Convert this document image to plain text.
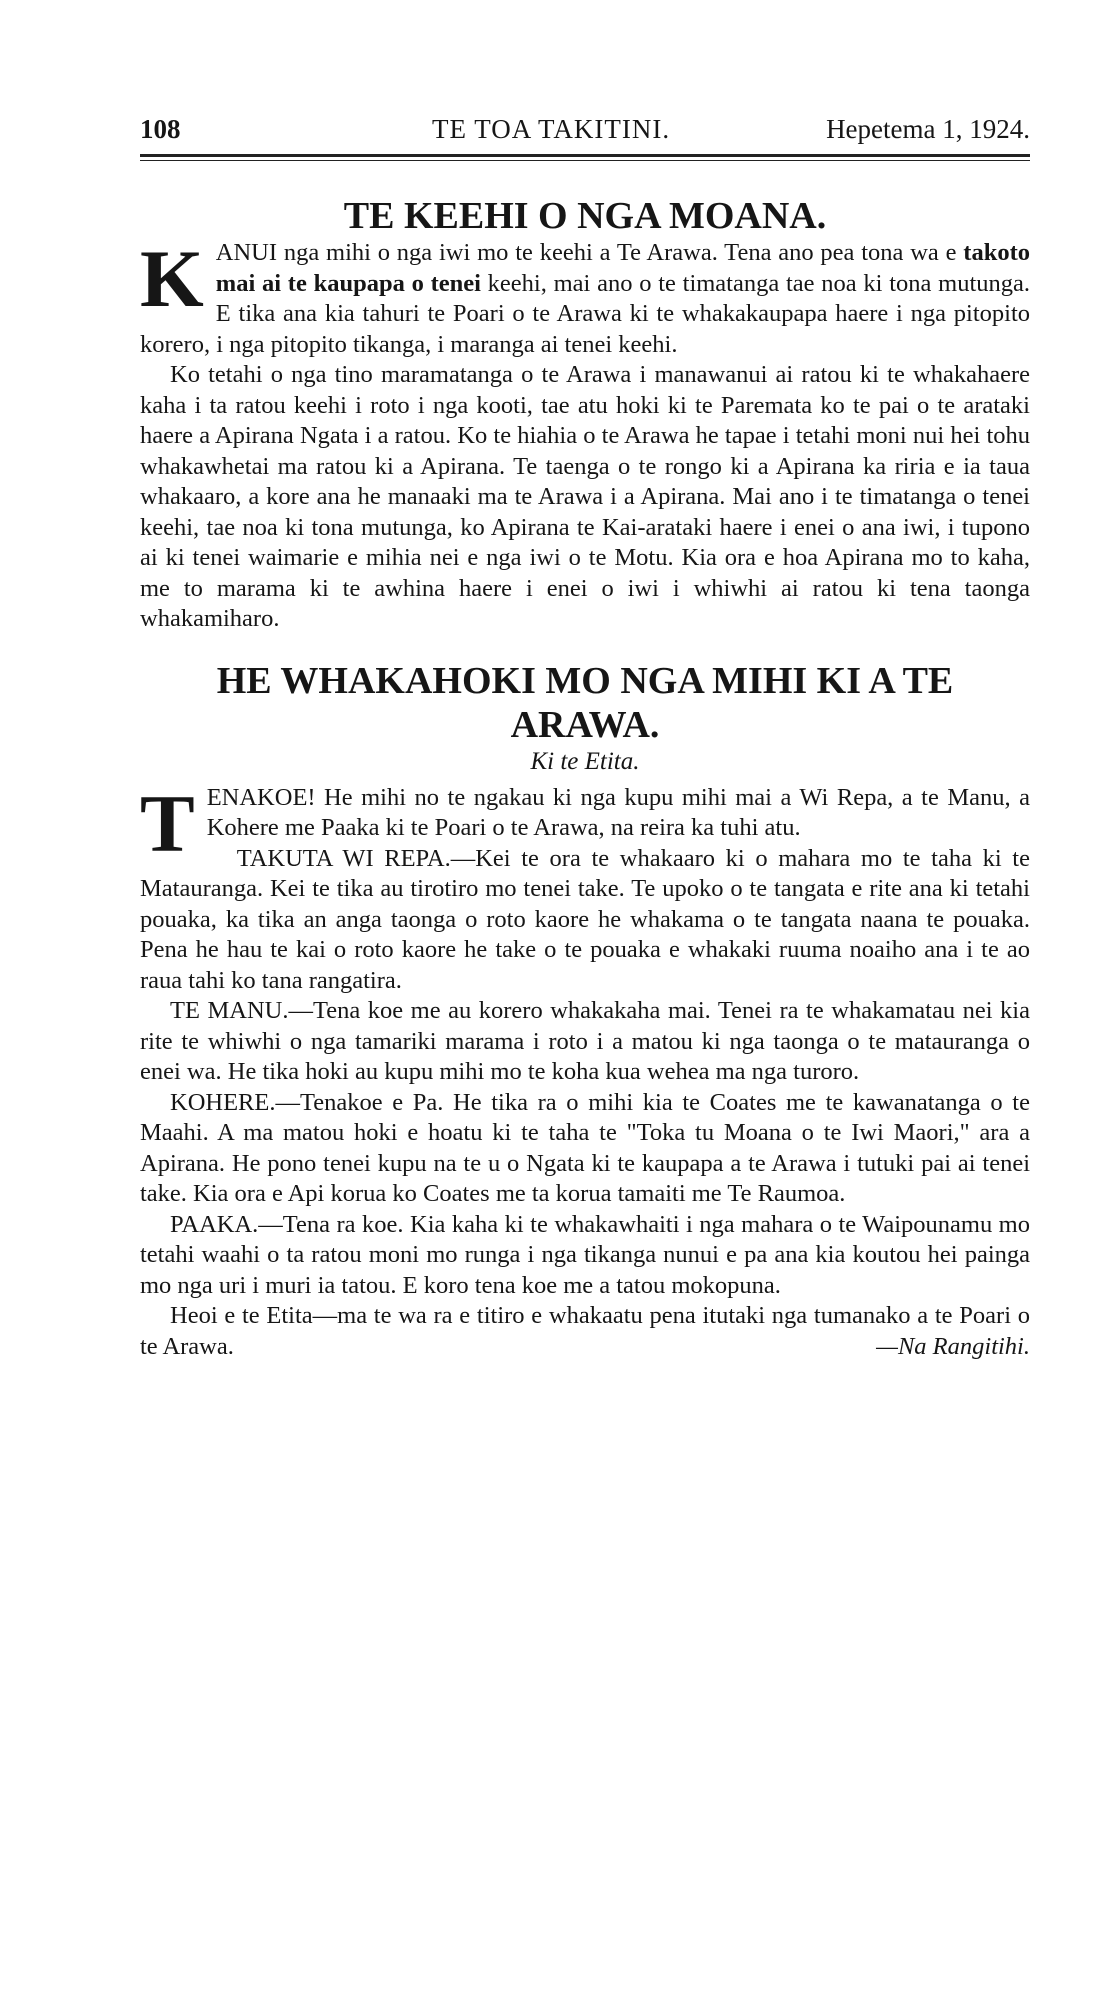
108	TE TOA TAKITINI.	Hepetema 1, 1924.
TE KEEHI O NGA MOANA.

KANUI nga mihi o nga iwi mo te keehi a Te Arawa. Tena ano pea tona wa e takoto mai ai te kaupapa o tenei keehi, mai ano o te timatanga tae noa ki tona mutunga. E tika ana kia tahuri te Poari o te Arawa ki te whakakaupapa haere i nga pitopito korero, i nga pitopito tikanga, i maranga ai tenei keehi.

Ko tetahi o nga tino maramatanga o te Arawa i manawanui ai ratou ki te whakahaere kaha i ta ratou keehi i roto i nga kooti, tae atu hoki ki te Paremata ko te pai o te arataki haere a Apirana Ngata i a ratou. Ko te hiahia o te Arawa he tapae i tetahi moni nui hei tohu whakawhetai ma ratou ki a Apirana. Te taenga o te rongo ki a Apirana ka riria e ia taua whakaaro, a kore ana he manaaki ma te Arawa i a Apirana. Mai ano i te timatanga o tenei keehi, tae noa ki tona mutunga, ko Apirana te Kai-arataki haere i enei o ana iwi, i tupono ai ki tenei waimarie e mihia nei e nga iwi o te Motu. Kia ora e hoa Apirana mo to kaha, me to marama ki te awhina haere i enei o iwi i whiwhi ai ratou ki tena taonga whakamiharo.

HE WHAKAHOKI MO NGA MIHI KI A TE
ARAWA.
Ki te Etita.

TENAKOE! He mihi no te ngakau ki nga kupu mihi mai a Wi Repa, a te Manu, a Kohere me Paaka ki te Poari o te Arawa, na reira ka tuhi atu.

TAKUTA WI REPA.—Kei te ora te whakaaro ki o mahara mo te taha ki te Matauranga. Kei te tika au tirotiro mo tenei take. Te upoko o te tangata e rite ana ki tetahi pouaka, ka tika an anga taonga o roto kaore he whakama o te tangata naana te pouaka. Pena he hau te kai o roto kaore he take o te pouaka e whakaki ruuma noaiho ana i te ao raua tahi ko tana rangatira.

TE MANU.—Tena koe me au korero whakakaha mai. Tenei ra te whakamatau nei kia rite te whiwhi o nga tamariki marama i roto i a matou ki nga taonga o te matauranga o enei wa. He tika hoki au kupu mihi mo te koha kua wehea ma nga turoro.

KOHERE.—Tenakoe e Pa. He tika ra o mihi kia te Coates me te kawanatanga o te Maahi. A ma matou hoki e hoatu ki te taha te "Toka tu Moana o te Iwi Maori," ara a Apirana. He pono tenei kupu na te u o Ngata ki te kaupapa a te Arawa i tutuki pai ai tenei take. Kia ora e Api korua ko Coates me ta korua tamaiti me Te Raumoa.

PAAKA.—Tena ra koe. Kia kaha ki te whakawhaiti i nga mahara o te Waipounamu mo tetahi waahi o ta ratou moni mo runga i nga tikanga nunui e pa ana kia koutou hei painga mo nga uri i muri ia tatou. E koro tena koe me a tatou mokopuna.

Heoi e te Etita—ma te wa ra e titiro e whakaatu pena itutaki nga tumanako a te Poari o te Arawa.	—Na Rangitihi.
